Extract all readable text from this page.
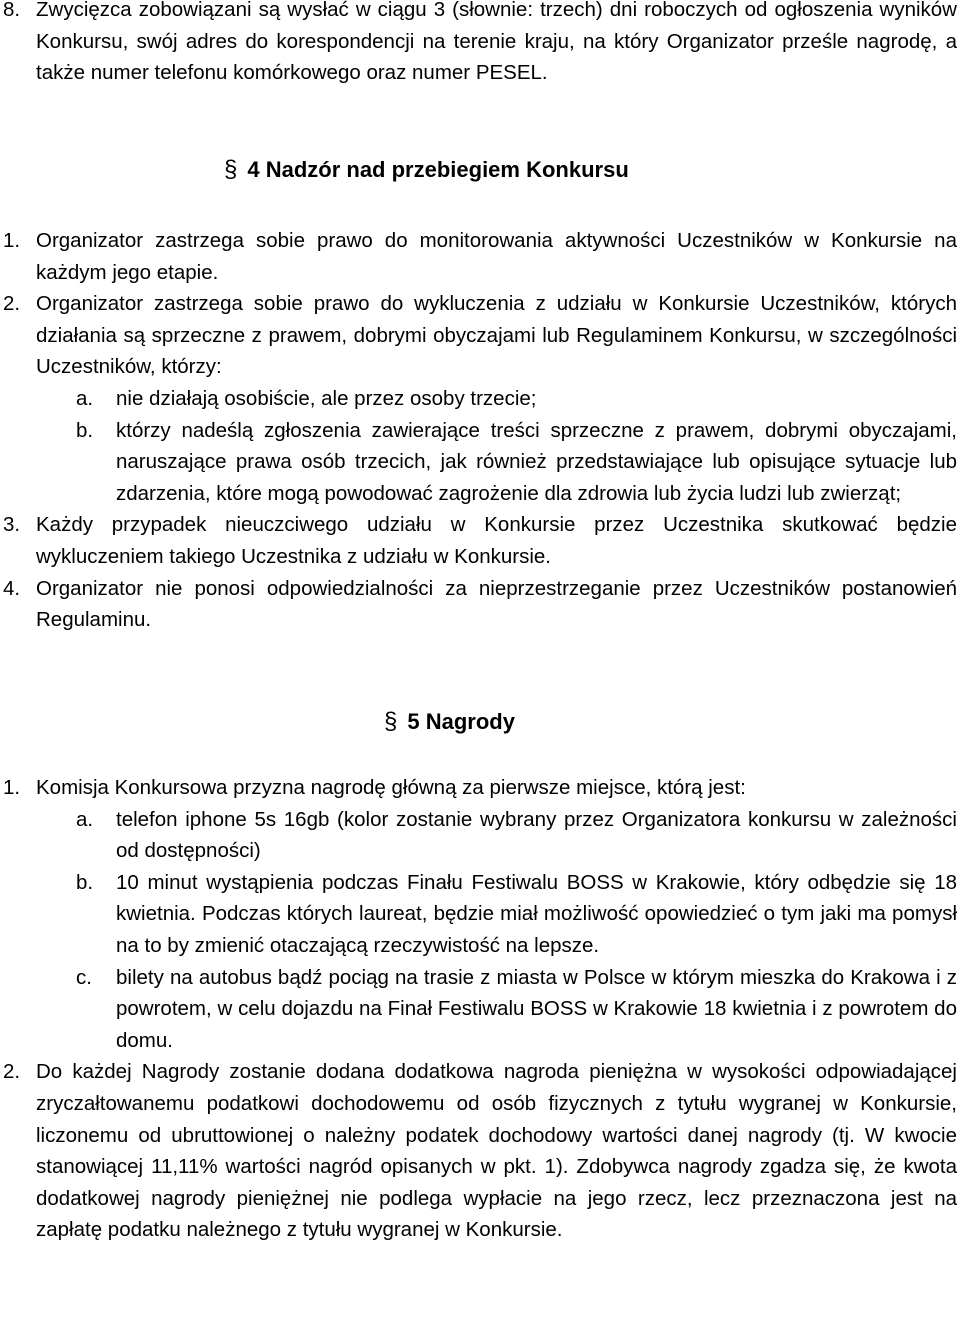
8. Zwycięzca zobowiązani są wysłać w ciągu 3 (słownie: trzech) dni roboczych od ogłoszenia wyników Konkursu, swój adres do korespondencji na terenie kraju, na który Organizator prześle nagrodę, a także numer telefonu komórkowego oraz numer PESEL.
§ 4 Nadzór nad przebiegiem Konkursu
1. Organizator zastrzega sobie prawo do monitorowania aktywności Uczestników w Konkursie na każdym jego etapie.
2. Organizator zastrzega sobie prawo do wykluczenia z udziału w Konkursie Uczestników, których działania są sprzeczne z prawem, dobrymi obyczajami lub Regulaminem Konkursu, w szczególności Uczestników, którzy:
a.	nie działają osobiście, ale przez osoby trzecie;
b.	którzy nadeślą zgłoszenia zawierające treści sprzeczne z prawem, dobrymi obyczajami, naruszające prawa osób trzecich, jak również przedstawiające lub opisujące sytuacje lub zdarzenia, które mogą powodować zagrożenie dla zdrowia lub życia ludzi lub zwierząt;
3. Każdy przypadek nieuczciwego udziału w Konkursie przez Uczestnika skutkować będzie wykluczeniem takiego Uczestnika z udziału w Konkursie.
4. Organizator nie ponosi odpowiedzialności za nieprzestrzeganie przez Uczestników postanowień Regulaminu.
§ 5 Nagrody
1. Komisja Konkursowa przyzna nagrodę główną za pierwsze miejsce, którą jest:
a.	telefon iphone 5s 16gb (kolor zostanie wybrany przez Organizatora konkursu w zależności od dostępności)
b.	10 minut wystąpienia podczas Finału Festiwalu BOSS w Krakowie, który odbędzie się 18 kwietnia. Podczas których laureat, będzie miał możliwość opowiedzieć o tym jaki ma pomysł na to by zmienić otaczającą rzeczywistość na lepsze.
c.	bilety na autobus bądź pociąg na trasie z miasta w Polsce w którym mieszka do Krakowa i z powrotem, w celu dojazdu na Finał Festiwalu BOSS w Krakowie 18 kwietnia i z powrotem do domu.
2. Do każdej Nagrody zostanie dodana dodatkowa nagroda pieniężna w wysokości odpowiadającej zryczałtowanemu podatkowi dochodowemu od osób fizycznych z tytułu wygranej w Konkursie, liczonemu od ubruttowionej o należny podatek dochodowy wartości danej nagrody (tj. W kwocie stanowiącej 11,11% wartości nagród opisanych w pkt. 1). Zdobywca nagrody zgadza się, że kwota dodatkowej nagrody pieniężnej nie podlega wypłacie na jego rzecz, lecz przeznaczona jest na zapłatę podatku należnego z tytułu wygranej w Konkursie.
